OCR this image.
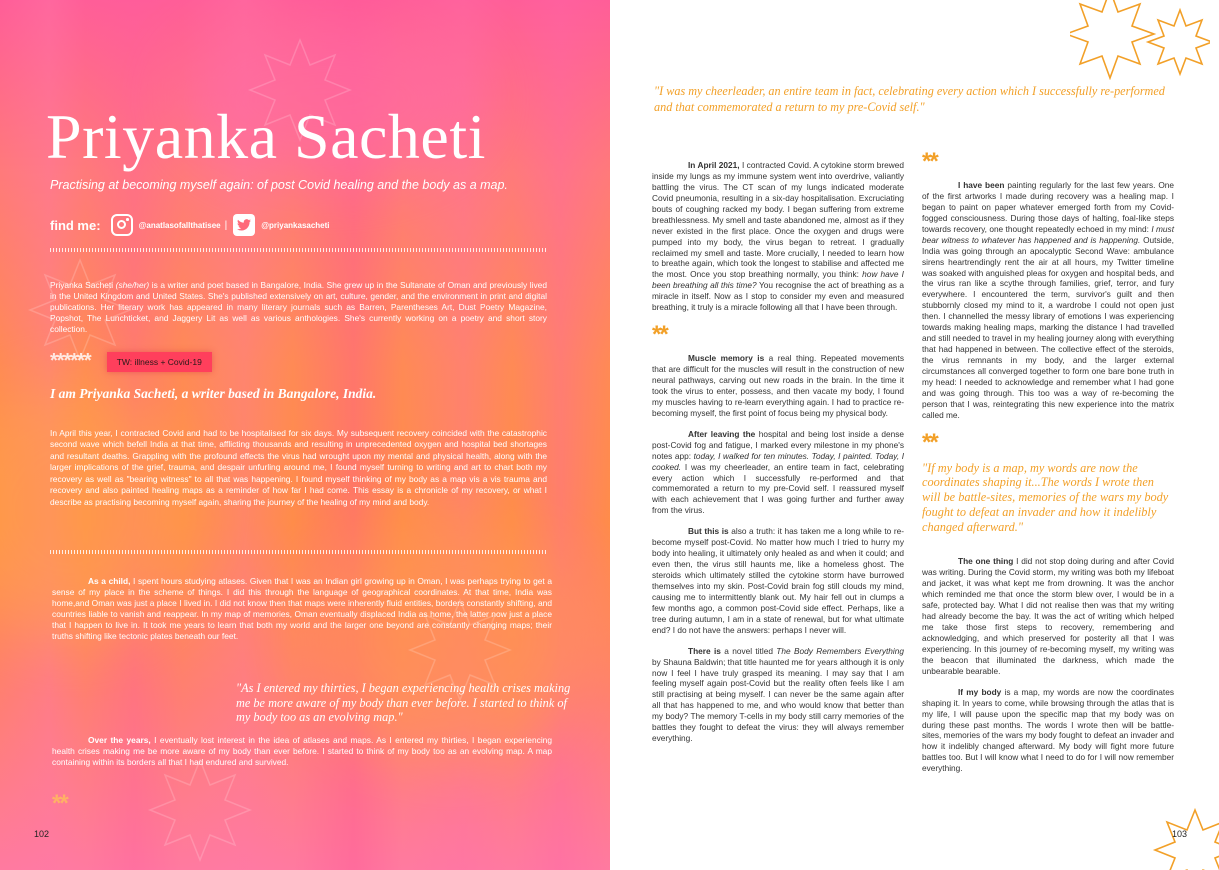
Priyanka Sacheti
Practising at becoming myself again: of post Covid healing and the body as a map.
find me:	@anatlasofallthatisee |	@priyankasacheti
Priyanka Sacheti (she/her) is a writer and poet based in Bangalore, India. She grew up in the Sultanate of Oman and previously lived in the United Kingdom and United States. She's published extensively on art, culture, gender, and the environment in print and digital publications. Her literary work has appeared in many literary journals such as Barren, Parentheses Art, Dust Poetry Magazine, Popshot, The Lunchticket, and Jaggery Lit as well as various anthologies. She's currently working on a poetry and short story collection.
******	TW: illness + Covid-19
I am Priyanka Sacheti, a writer based in Bangalore, India.
In April this year, I contracted Covid and had to be hospitalised for six days. My subsequent recovery coincided with the catastrophic second wave which befell India at that time, afflicting thousands and resulting in unprecedented oxygen and hospital bed shortages and resultant deaths. Grappling with the profound effects the virus had wrought upon my mental and physical health, along with the larger implications of the grief, trauma, and despair unfurling around me, I found myself turning to writing and art to chart both my recovery as well as "bearing witness" to all that was happening. I found myself thinking of my body as a map vis a vis trauma and recovery and also painted healing maps as a reminder of how far I had come. This essay is a chronicle of my recovery, or what I describe as practising becoming myself again, sharing the journey of the healing of my mind and body.
As a child, I spent hours studying atlases. Given that I was an Indian girl growing up in Oman, I was perhaps trying to get a sense of my place in the scheme of things. I did this through the language of geographical coordinates. At that time, India was home,and Oman was just a place I lived in. I did not know then that maps were inherently fluid entities, borders constantly shifting, and countries liable to vanish and reappear. In my map of memories, Oman eventually displaced India as home, the latter now just a place that I happen to live in. It took me years to learn that both my world and the larger one beyond are constantly changing maps; their truths shifting like tectonic plates beneath our feet.
"As I entered my thirties, I began experiencing health crises making me be more aware of my body than ever before. I started to think of my body too as an evolving map."
Over the years, I eventually lost interest in the idea of atlases and maps. As I entered my thirties, I began experiencing health crises making me be more aware of my body than ever before. I started to think of my body too as an evolving map. A map containing within its borders all that I had endured and survived.
**
102
"I was my cheerleader, an entire team in fact, celebrating every action which I successfully re-performed and that commemorated a return to my pre-Covid self."

In April 2021, I contracted Covid. A cytokine storm brewed inside my lungs as my immune system went into overdrive, valiantly battling the virus. The CT scan of my lungs indicated moderate Covid pneumonia, resulting in a six-day hospitalisation. Excruciating bouts of coughing racked my body. I began suffering from extreme breathlessness. My smell and taste abandoned me, almost as if they never existed in the first place. Once the oxygen and drugs were pumped into my body, the virus began to retreat. I gradually reclaimed my smell and taste. More crucially, I needed to learn how to breathe again, which took the longest to stabilise and affected me the most. Once you stop breathing normally, you think: how have I been breathing all this time? You recognise the act of breathing as a miracle in itself. Now as I stop to consider my even and measured breathing, it truly is a miracle following all that I have been through.

**

Muscle memory is a real thing. Repeated movements that are difficult for the muscles will result in the construction of new neural pathways, carving out new roads in the brain. In the time it took the virus to enter, possess, and then vacate my body, I found my muscles having to re-learn everything again. I had to practice re-becoming myself, the first point of focus being my physical body.

After leaving the hospital and being lost inside a dense post-Covid fog and fatigue, I marked every milestone in my phone's notes app: today, I walked for ten minutes. Today, I painted. Today, I cooked. I was my cheerleader, an entire team in fact, celebrating every action which I successfully re-performed and that commemorated a return to my pre-Covid self. I reassured myself with each achievement that I was going further and further away from the virus.

But this is also a truth: it has taken me a long while to re-become myself post-Covid. No matter how much I tried to hurry my body into healing, it ultimately only healed as and when it could; and even then, the virus still haunts me, like a homeless ghost. The steroids which ultimately stilled the cytokine storm have burrowed themselves into my skin. Post-Covid brain fog still clouds my mind, causing me to intermittently blank out. My hair fell out in clumps a few months ago, a common post-Covid side effect. Perhaps, like a tree during autumn, I am in a state of renewal, but for what ultimate end? I do not have the answers: perhaps I never will.

There is a novel titled The Body Remembers Everything by Shauna Baldwin; that title haunted me for years although it is only now I feel I have truly grasped its meaning. I may say that I am feeling myself again post-Covid but the reality often feels like I am still practising at being myself. I can never be the same again after all that has happened to me, and who would know that better than my body? The memory T-cells in my body still carry memories of the battles they fought to defeat the virus: they will always remember everything.

**

I have been painting regularly for the last few years. One of the first artworks I made during recovery was a healing map. I began to paint on paper whatever emerged forth from my Covid-fogged consciousness. During those days of halting, foal-like steps towards recovery, one thought repeatedly echoed in my mind: I must bear witness to whatever has happened and is happening. Outside, India was going through an apocalyptic Second Wave: ambulance sirens heartrendingly rent the air at all hours, my Twitter timeline was soaked with anguished pleas for oxygen and hospital beds, and the virus ran like a scythe through families, grief, terror, and fury everywhere. I encountered the term, survivor's guilt and then stubbornly closed my mind to it, a wardrobe I could not open just then. I channelled the messy library of emotions I was experiencing towards making healing maps, marking the distance I had travelled and still needed to travel in my healing journey along with everything that had happened in between. The collective effect of the steroids, the virus remnants in my body, and the larger external circumstances all converged together to form one bare bone truth in my head: I needed to acknowledge and remember what I had gone and was going through. This too was a way of re-becoming the person that I was, reintegrating this new experience into the matrix called me.

**
"If my body is a map, my words are now the coordinates shaping it...The words I wrote then will be battle-sites, memories of the wars my body fought to defeat an invader and how it indelibly changed afterward."

The one thing I did not stop doing during and after Covid was writing. During the Covid storm, my writing was both my lifeboat and jacket, it was what kept me from drowning. It was the anchor which reminded me that once the storm blew over, I would be in a safe, protected bay. What I did not realise then was that my writing had already become the bay. It was the act of writing which helped me take those first steps to recovery, remembering and acknowledging, and which preserved for posterity all that I was experiencing. In this journey of re-becoming myself, my writing was the beacon that illuminated the darkness, which made the unbearable bearable.

If my body is a map, my words are now the coordinates shaping it. In years to come, while browsing through the atlas that is my life, I will pause upon the specific map that my body was on during these past months. The words I wrote then will be battle-sites, memories of the wars my body fought to defeat an invader and how it indelibly changed afterward. My body will fight more future battles too. But I will know what I need to do for I will now remember everything.

103
